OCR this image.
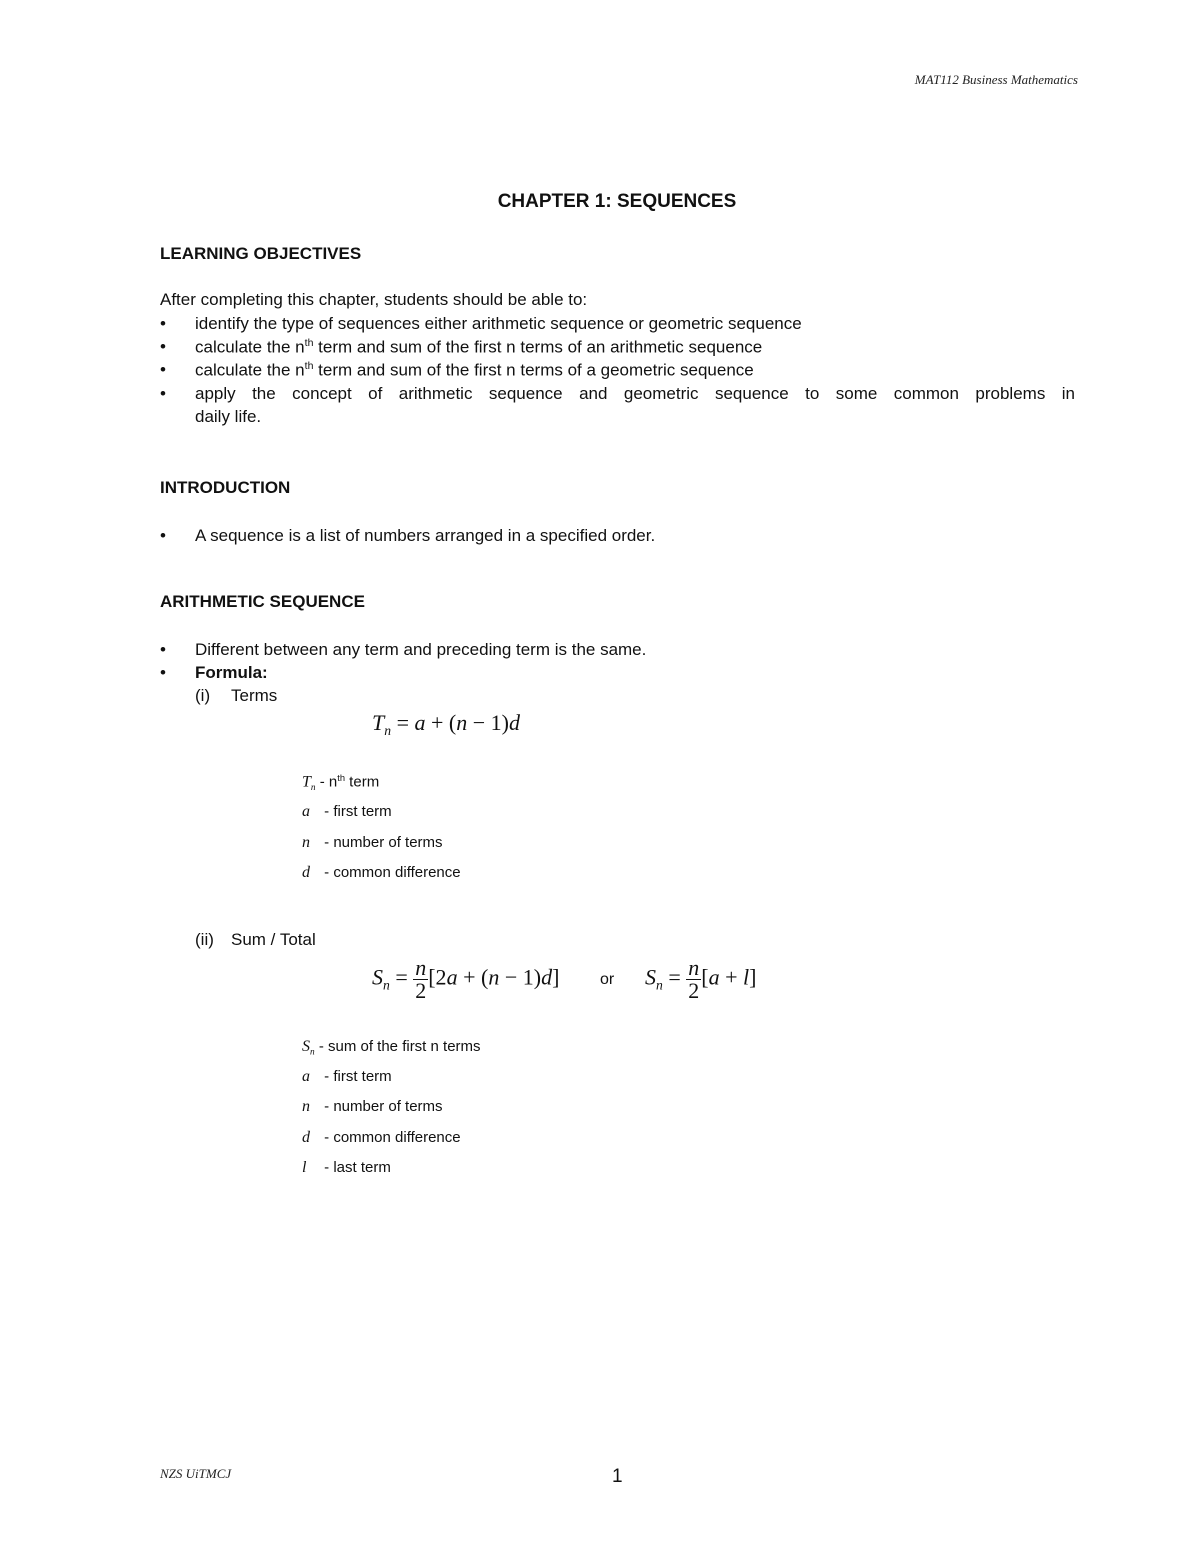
MAT112 Business Mathematics
CHAPTER 1: SEQUENCES
LEARNING OBJECTIVES
After completing this chapter, students should be able to:
• identify the type of sequences either arithmetic sequence or geometric sequence
• calculate the $n^{th}$ term and sum of the first n terms of an arithmetic sequence
• calculate the $n^{th}$ term and sum of the first n terms of a geometric sequence
• apply the concept of arithmetic sequence and geometric sequence to some common problems in
daily life.
INTRODUCTION
• A sequence is a list of numbers arranged in a specified order.
ARITHMETIC SEQUENCE
• Different between any term and preceding term is the same.
• Formula:
(i) Terms
$T_n = a + (n - 1)d$
$T_n - n^{th}$ term
a - first term
n - number of terms
d - common difference
(ii) Sum / Total
$S_n = \frac{n}{2} [2a + (n - 1)d]$	or $S_n = \frac{n}{2} [a + l]$
$S_n$ - sum of the first n terms
a - first term
n - number of terms
d - common difference
l - last term
NZS UiTMCJ	1
